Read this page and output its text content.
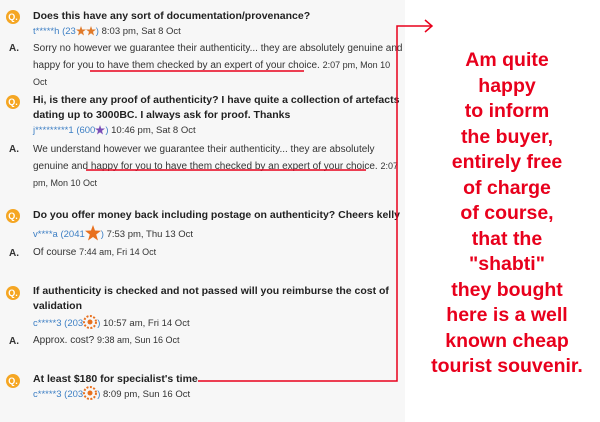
Q. Does this have any sort of documentation/provenance?
t*****h (23 ) 8:03 pm, Sat 8 Oct
A. Sorry no however we guarantee their authenticity... they are absolutely genuine and
happy for you to have them checked by an expert of your choice. 2:07 pm, Mon 10 Oct
Q. Hi, is there any proof of authenticity? I have quite a collection of artefacts
dating up to 3000BC. I always ask for proof. Thanks
j*********1 (600 ) 10:46 pm, Sat 8 Oct
A. We understand however we guarantee their authenticity... they are absolutely
genuine and happy for you to have them checked by an expert of your choice. 2:07
pm, Mon 10 Oct
Q. Do you offer money back including postage on authenticity? Cheers kelly
v****a (2041 ) 7:53 pm, Thu 13 Oct
A. Of course 7:44 am, Fri 14 Oct
Q. If authenticity is checked and not passed will you reimburse the cost of
validation
c*****3 (203 ) 10:57 am, Fri 14 Oct
A. Approx. cost? 9:38 am, Sun 16 Oct
Q. At least $180 for specialist's time
c*****3 (203 ) 8:09 pm, Sun 16 Oct
Am quite
happy
to inform
the buyer,
entirely free
of charge
of course,
that the
"shabti"
they bought
here is a well
known cheap
tourist souvenir.
